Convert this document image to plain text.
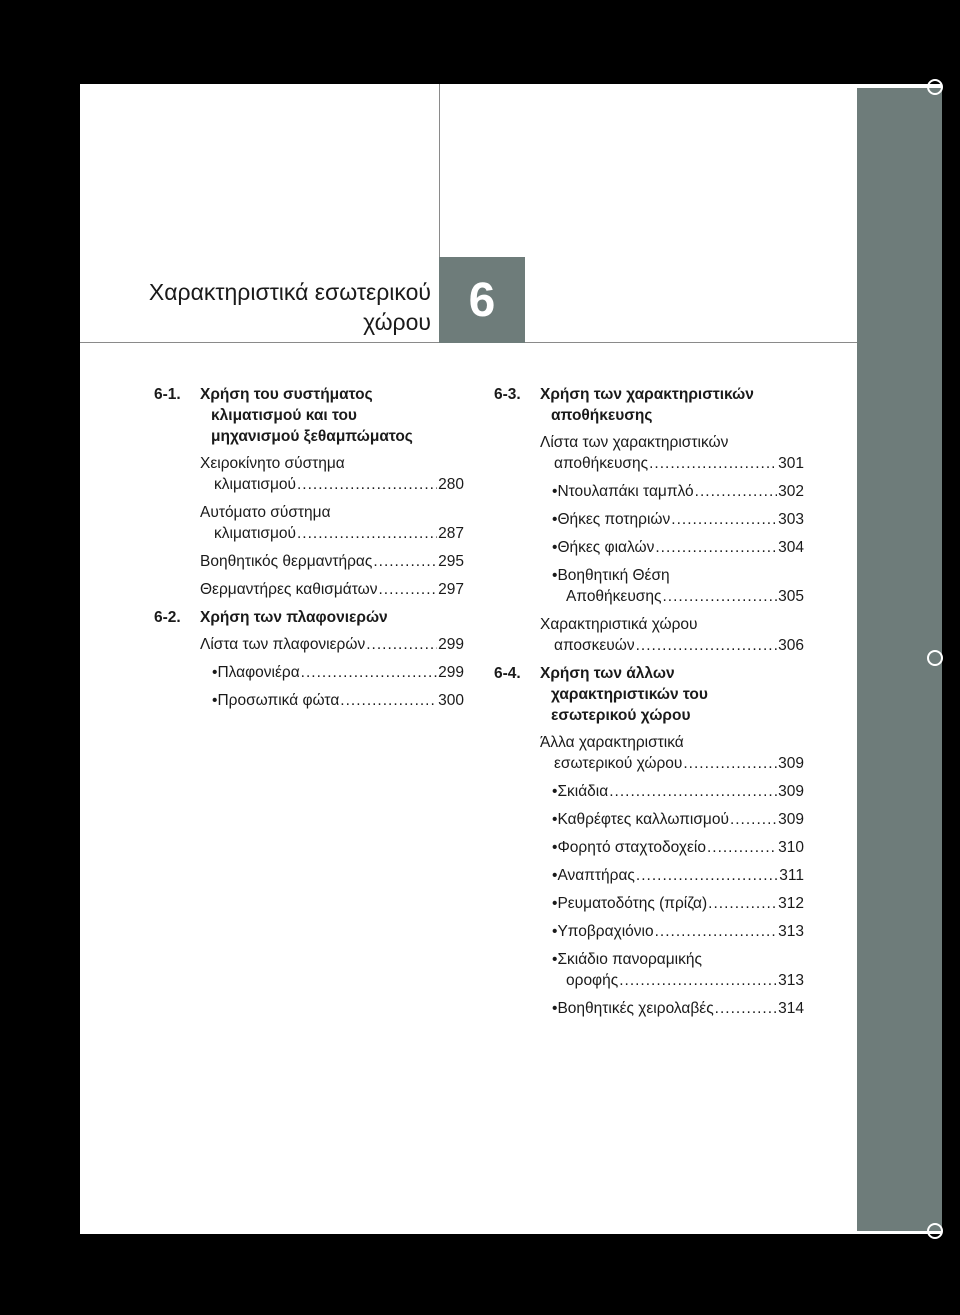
Χαρακτηριστικά εσωτερικού
χώρου 6
6-1.	Χρήση του συστήματος
κλιματισμού και του
μηχανισμού ξεθαμπώματος
Χειροκίνητο σύστημα
κλιματισμού .....	280
Αυτόματο σύστημα
κλιματισμού .....	287
Βοηθητικός θερμαντήρας .....	295
Θερμαντήρες καθισμάτων .....	297
6-2.	Χρήση των πλαφονιερών
Λίστα των πλαφονιερών .....	299
• Πλαφονιέρα .....	299
• Προσωπικά φώτα .....	300
6-3.	Χρήση των χαρακτηριστικών
αποθήκευσης
Λίστα των χαρακτηριστικών
αποθήκευσης .....	301
• Ντουλαπάκι ταμπλό .....	302
• Θήκες ποτηριών .....	303
• Θήκες φιαλών .....	304
• Βοηθητική Θέση
Αποθήκευσης .....	305
Χαρακτηριστικά χώρου
αποσκευών .....	306
6-4.	Χρήση των άλλων
χαρακτηριστικών του
εσωτερικού χώρου
Άλλα χαρακτηριστικά
εσωτερικού χώρου .....	309
• Σκιάδια .....	309
• Καθρέφτες καλλωπισμού .....	309
• Φορητό σταχτοδοχείο .....	310
• Αναπτήρας .....	311
• Ρευματοδότης (πρίζα) .....	312
• Υποβραχιόνιο .....	313
• Σκιάδιο πανοραμικής
οροφής .....	313
• Βοηθητικές χειρολαβές .....	314
